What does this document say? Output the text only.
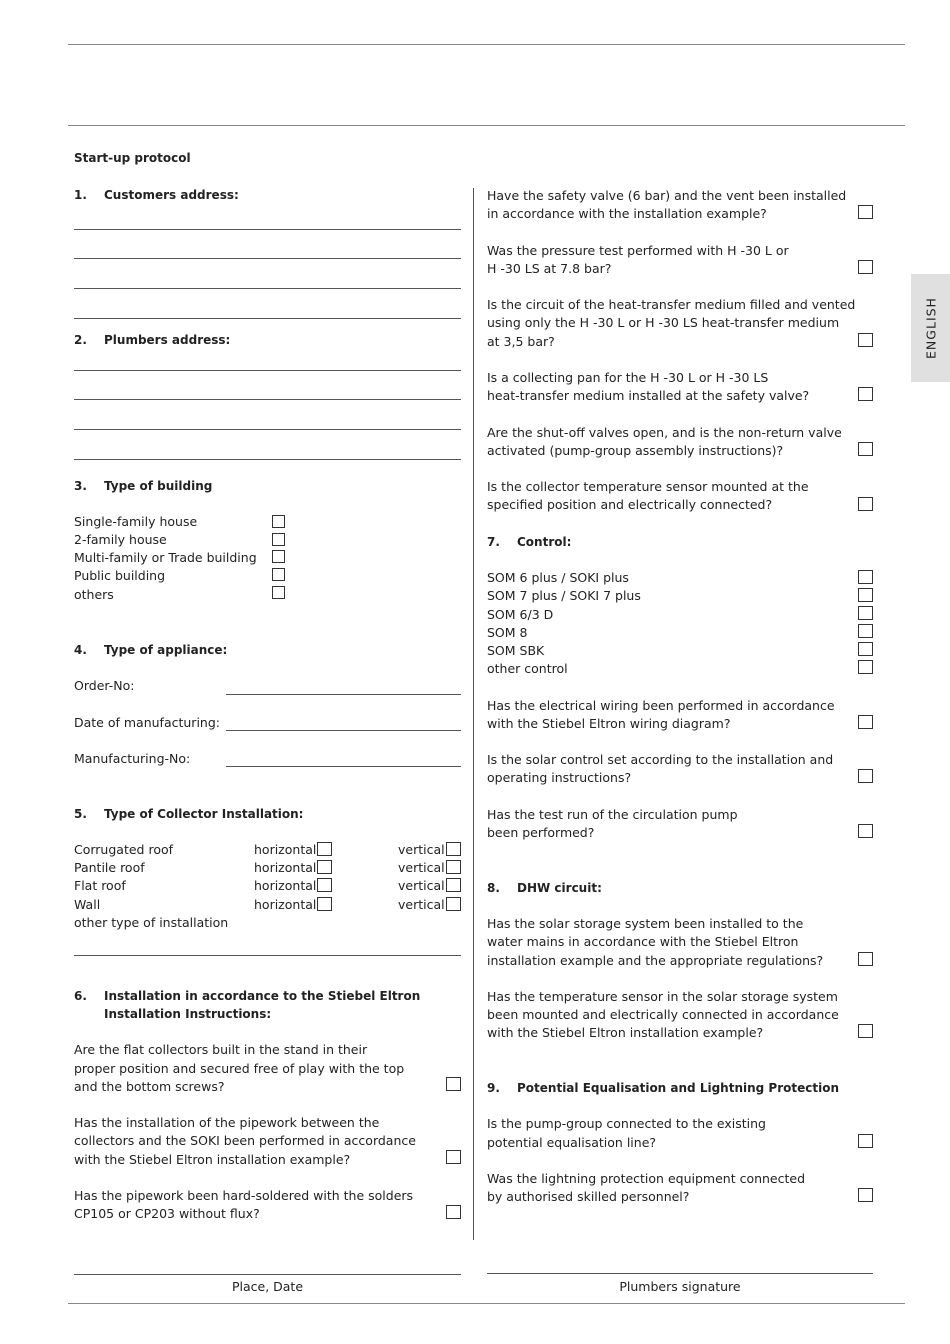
ENGLISH
Start-up protocol
1. Customers address:
2. Plumbers address:
3. Type of building
Single-family house
2-family house
Multi-family or Trade building
Public building
others
4. Type of appliance:
Order-No:
Date of manufacturing:
Manufacturing-No:
5. Type of Collector Installation:
Corrugated roof	horizontal	vertical
Pantile roof	horizontal	vertical
Flat roof	horizontal	vertical
Wall	horizontal	vertical
other type of installation
6. Installation in accordance to the Stiebel Eltron
Installation Instructions:
Are the flat collectors built in the stand in their
proper position and secured free of play with the top
and the bottom screws?
Has the installation of the pipework between the
collectors and the SOKI been performed in accordance
with the Stiebel Eltron installation example?
Has the pipework been hard-soldered with the solders
CP105 or CP203 without flux?
Have the safety valve (6 bar) and the vent been installed
in accordance with the installation example?
Was the pressure test performed with H -30 L or
H -30 LS at 7.8 bar?
Is the circuit of the heat-transfer medium filled and vented
using only the H -30 L or H -30 LS heat-transfer medium
at 3,5 bar?
Is a collecting pan for the H -30 L or H -30 LS
heat-transfer medium installed at the safety valve?
Are the shut-off valves open, and is the non-return valve
activated (pump-group assembly instructions)?
Is the collector temperature sensor mounted at the
specified position and electrically connected?
7. Control:
SOM 6 plus / SOKI plus
SOM 7 plus / SOKI 7 plus
SOM 6/3 D
SOM 8
SOM SBK
other control
Has the electrical wiring been performed in accordance
with the Stiebel Eltron wiring diagram?
Is the solar control set according to the installation and
operating instructions?
Has the test run of the circulation pump
been performed?
8. DHW circuit:
Has the solar storage system been installed to the
water mains in accordance with the Stiebel Eltron
installation example and the appropriate regulations?
Has the temperature sensor in the solar storage system
been mounted and electrically connected in accordance
with the Stiebel Eltron installation example?
9. Potential Equalisation and Lightning Protection
Is the pump-group connected to the existing
potential equalisation line?
Was the lightning protection equipment connected
by authorised skilled personnel?
Place, Date	Plumbers signature
